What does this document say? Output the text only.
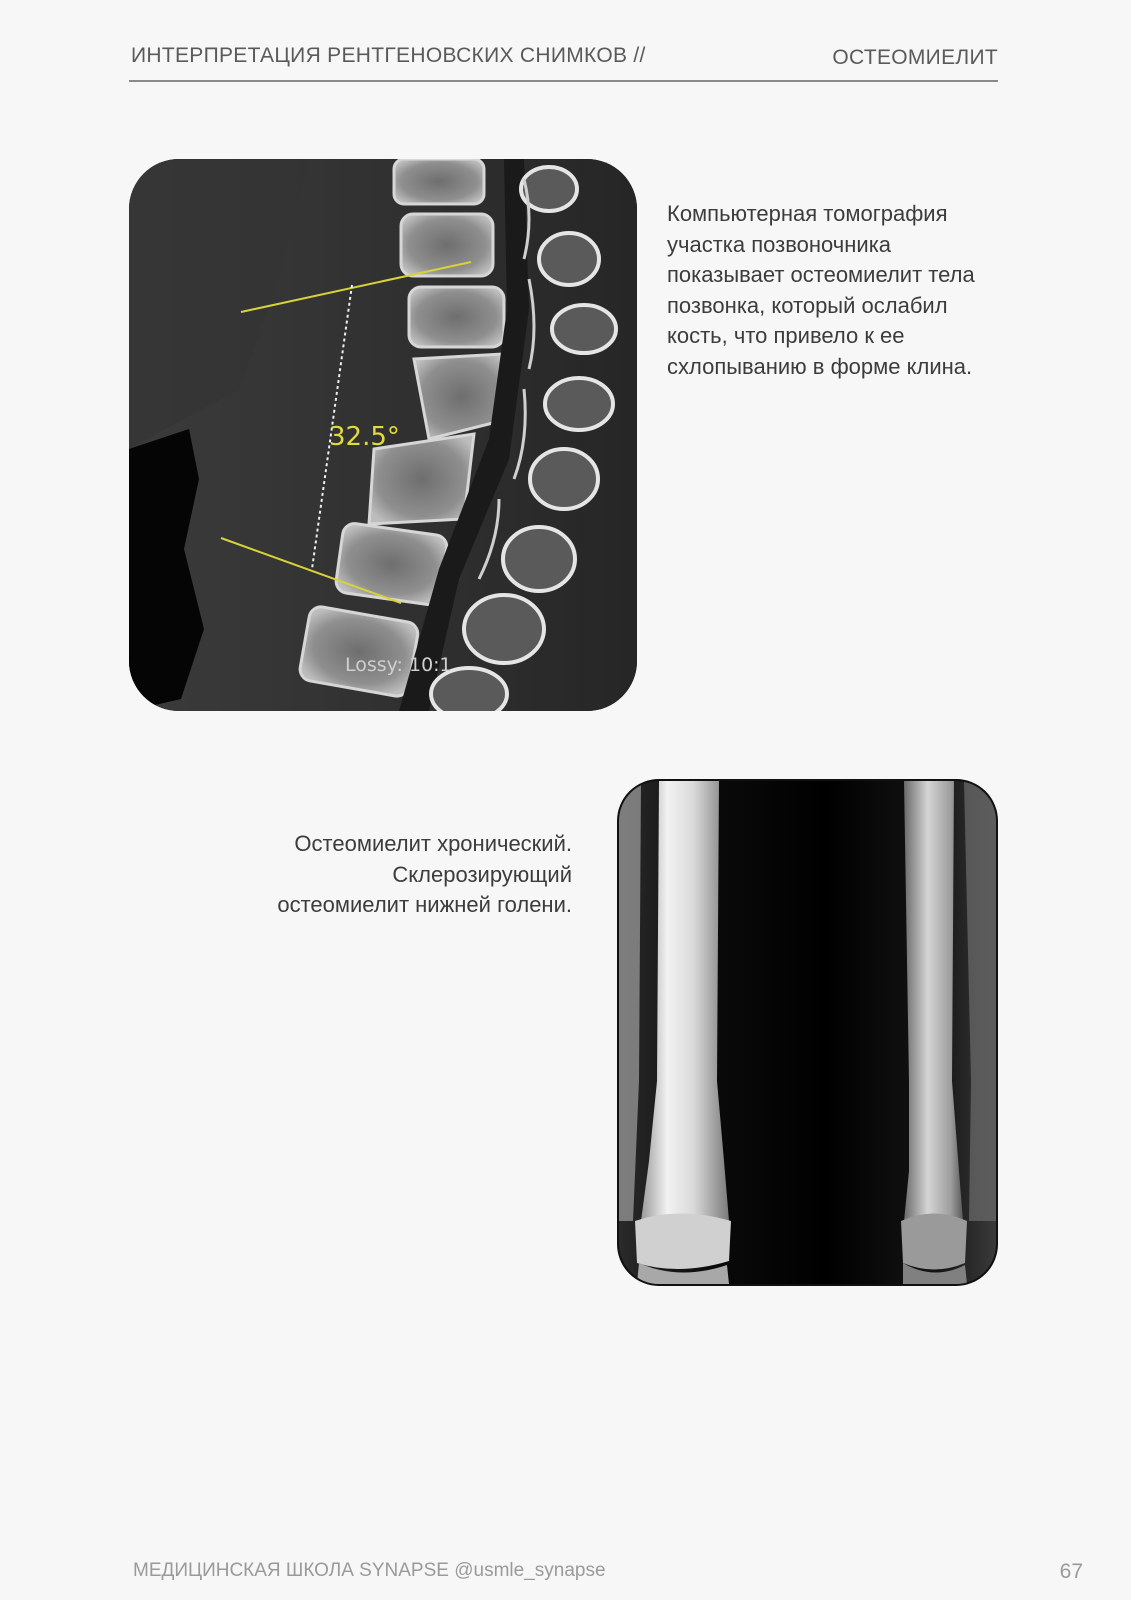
ИНТЕРПРЕТАЦИЯ РЕНТГЕНОВСКИХ СНИМКОВ //	ОСТЕОМИЕЛИТ
32.5°
Lossy: 10:1

Компьютерная томография участка позвоночника показывает остеомиелит тела позвонка, который ослабил кость, что привело к ее схлопыванию в форме клина.

Остеомиелит хронический.
Склерозирующий
остеомиелит нижней голени.
МЕДИЦИНСКАЯ ШКОЛА SYNAPSE @usmle_synapse	67
